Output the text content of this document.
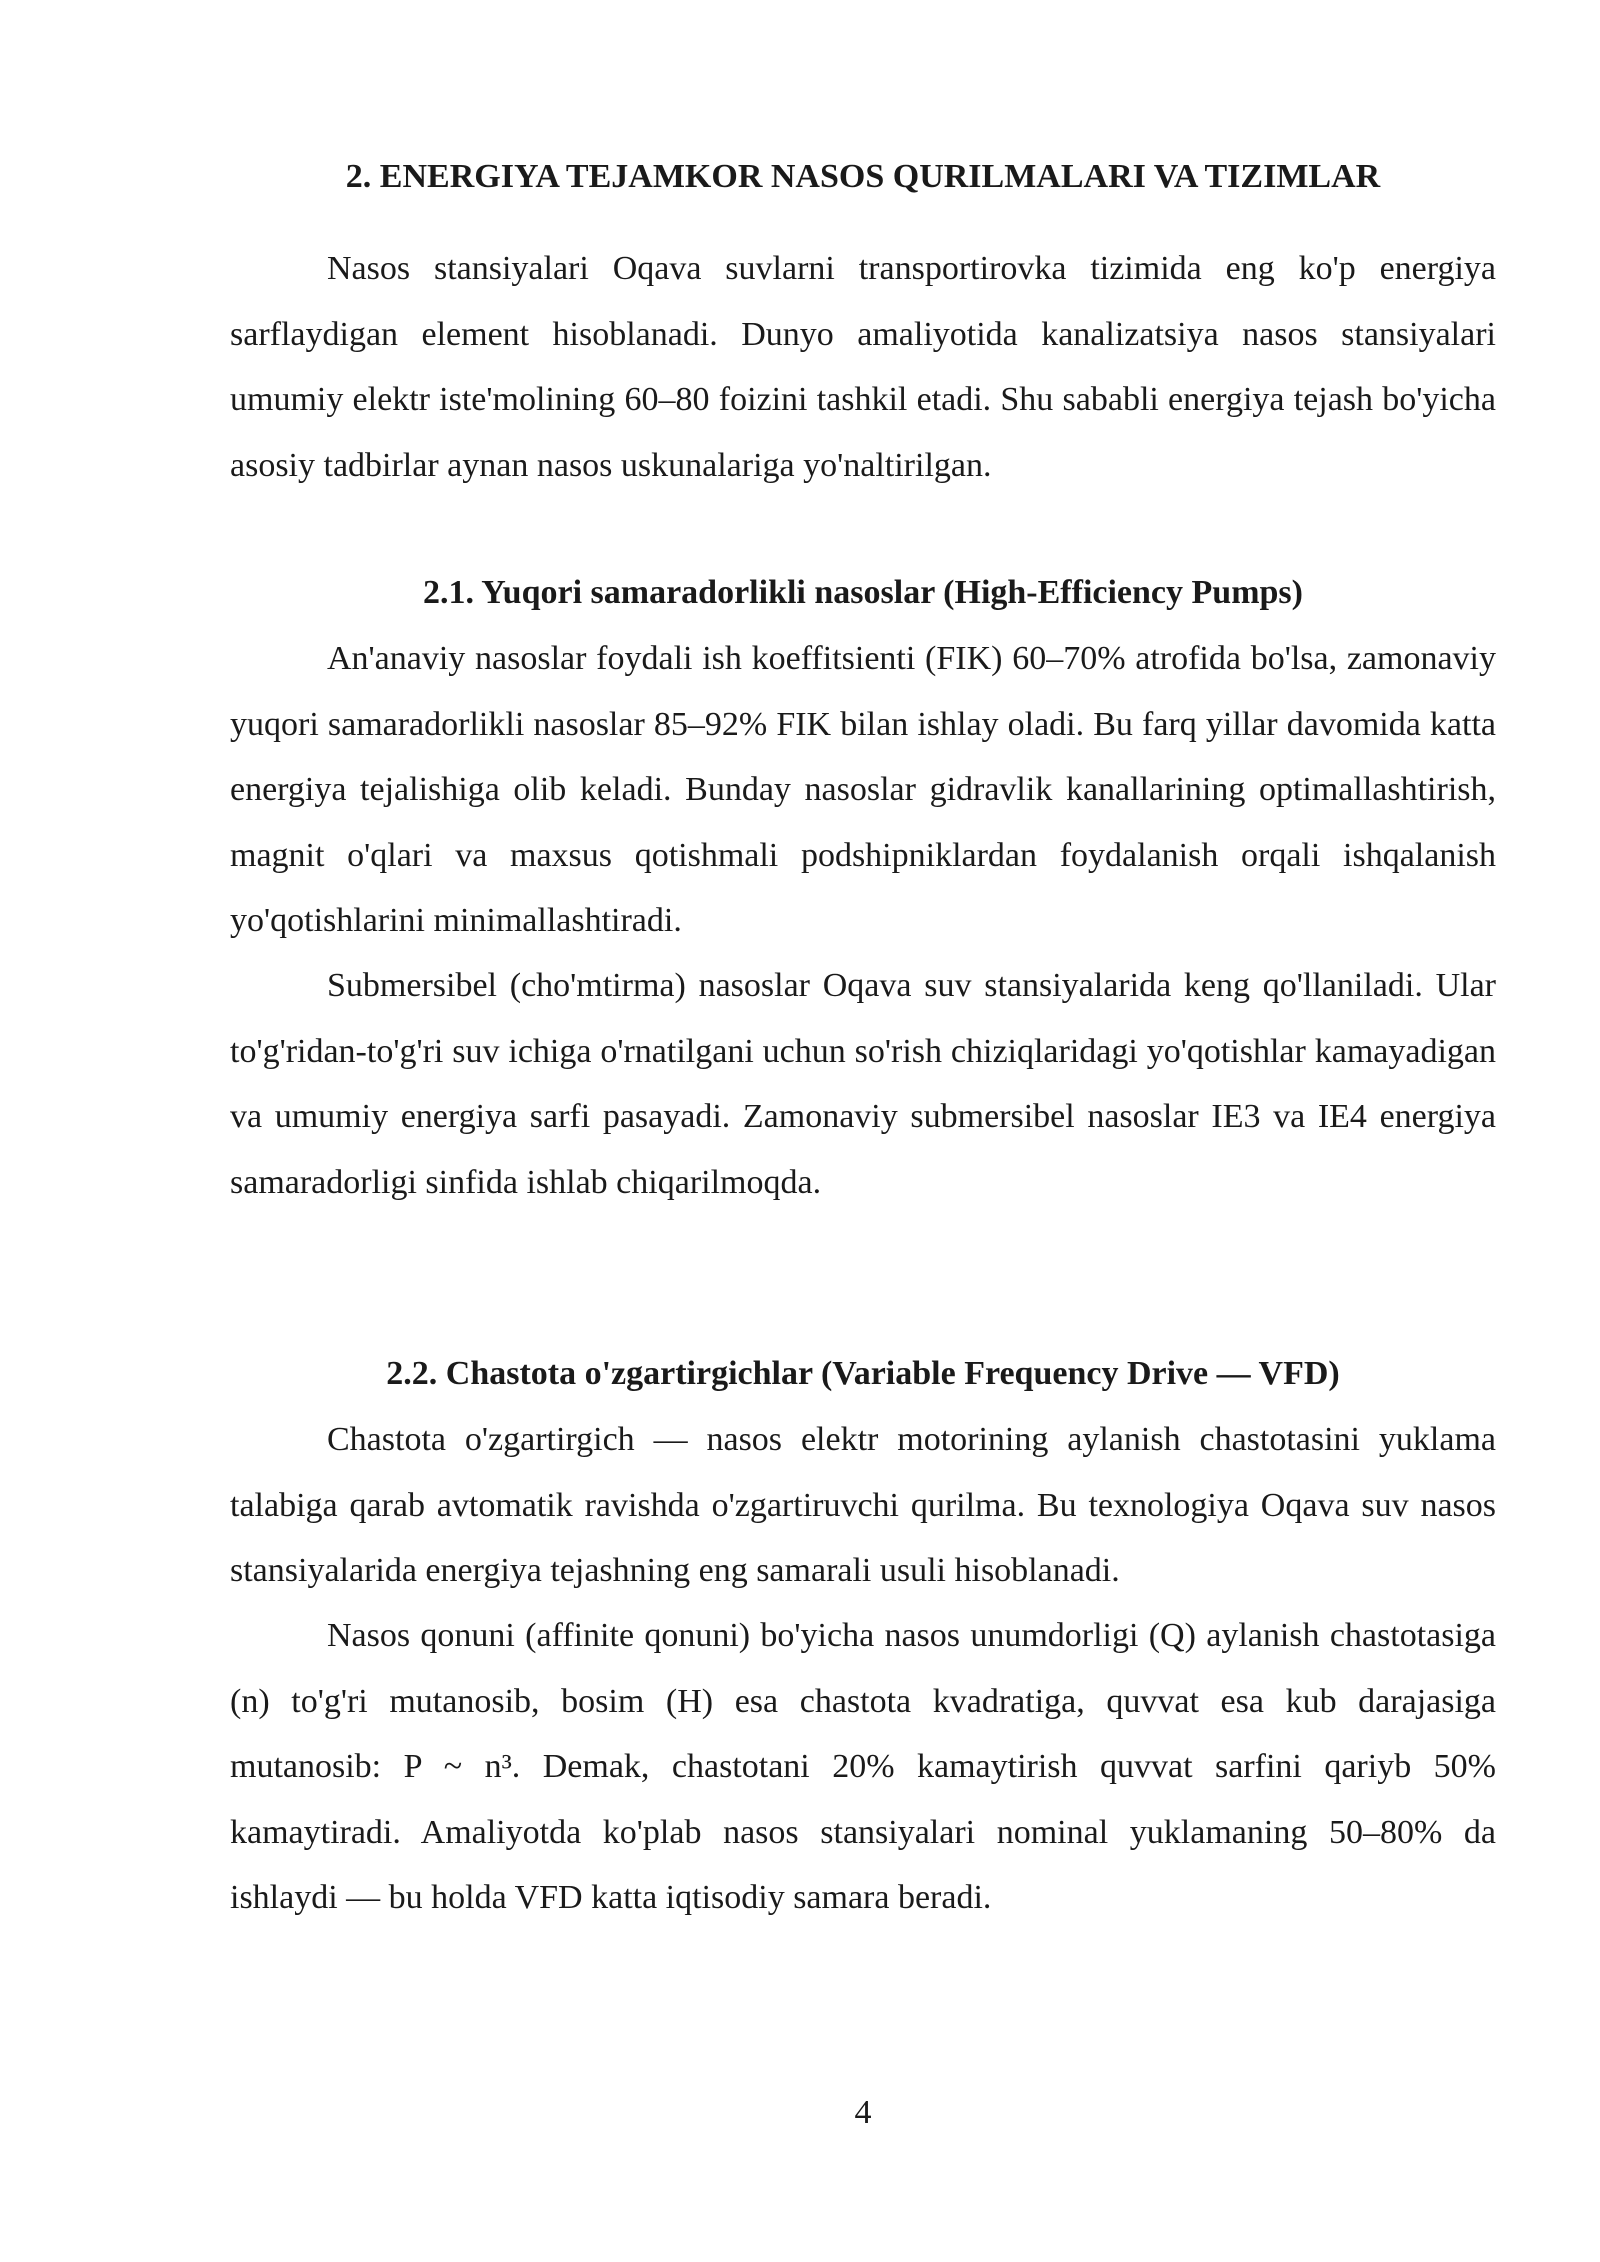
2. ENERGIYA TEJAMKOR NASOS QURILMALARI VA TIZIMLAR

Nasos stansiyalari Oqava suvlarni transportirovka tizimida eng ko'p energiya sarflaydigan element hisoblanadi. Dunyo amaliyotida kanalizatsiya nasos stansiyalari umumiy elektr iste'molining 60–80 foizini tashkil etadi. Shu sababli energiya tejash bo'yicha asosiy tadbirlar aynan nasos uskunalariga yo'naltirilgan.

2.1. Yuqori samaradorlikli nasoslar (High-Efficiency Pumps)

An'anaviy nasoslar foydali ish koeffitsienti (FIK) 60–70% atrofida bo'lsa, zamonaviy yuqori samaradorlikli nasoslar 85–92% FIK bilan ishlay oladi. Bu farq yillar davomida katta energiya tejalishiga olib keladi. Bunday nasoslar gidravlik kanallarining optimallashtirish, magnit o'qlari va maxsus qotishmali podshipniklardan foydalanish orqali ishqalanish yo'qotishlarini minimallashtiradi.

Submersibel (cho'mtirma) nasoslar Oqava suv stansiyalarida keng qo'llaniladi. Ular to'g'ridan-to'g'ri suv ichiga o'rnatilgani uchun so'rish chiziqlaridagi yo'qotishlar kamayadigan va umumiy energiya sarfi pasayadi. Zamonaviy submersibel nasoslar IE3 va IE4 energiya samaradorligi sinfida ishlab chiqarilmoqda.

2.2. Chastota o'zgartirgichlar (Variable Frequency Drive — VFD)

Chastota o'zgartirgich — nasos elektr motorining aylanish chastotasini yuklama talabiga qarab avtomatik ravishda o'zgartiruvchi qurilma. Bu texnologiya Oqava suv nasos stansiyalarida energiya tejashning eng samarali usuli hisoblanadi.

Nasos qonuni (affinite qonuni) bo'yicha nasos unumdorligi (Q) aylanish chastotasiga (n) to'g'ri mutanosib, bosim (H) esa chastota kvadratiga, quvvat esa kub darajasiga mutanosib: P ~ n³. Demak, chastotani 20% kamaytirish quvvat sarfini qariyb 50% kamaytiradi. Amaliyotda ko'plab nasos stansiyalari nominal yuklamaning 50–80% da ishlaydi — bu holda VFD katta iqtisodiy samara beradi.

4
